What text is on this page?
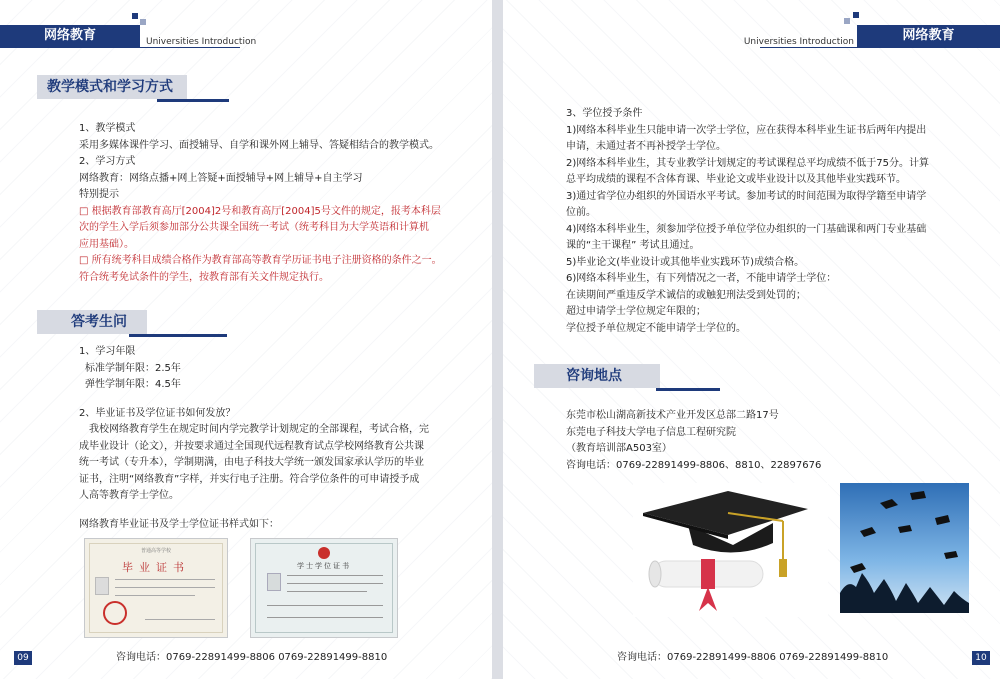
网络教育	Universities Introduction
教学模式和学习方式
1、教学模式
采用多媒体课件学习、面授辅导、自学和课外网上辅导、答疑相结合的教学模式。
2、学习方式
网络教育：网络点播+网上答疑+面授辅导+网上辅导+自主学习
特别提示
□ 根据教育部教育高厅[2004]2号和教育高厅[2004]5号文件的规定，报考本科层
次的学生入学后须参加部分公共课全国统一考试（统考科目为大学英语和计算机
应用基础）。
□ 所有统考科目成绩合格作为教育部高等教育学历证书电子注册资格的条件之一。
符合统考免试条件的学生，按教育部有关文件规定执行。
答考生问
1、学习年限
标准学制年限：2.5年
弹性学制年限：4.5年
2、毕业证书及学位证书如何发放？
我校网络教育学生在规定时间内学完教学计划规定的全部课程，考试合格，完
成毕业设计（论文），并按要求通过全国现代远程教育试点学校网络教育公共课
统一考试（专升本），学制期满，由电子科技大学统一颁发国家承认学历的毕业
证书，注明“网络教育”字样，并实行电子注册。符合学位条件的可申请授予成
人高等教育学士学位。
网络教育毕业证书及学士学位证书样式如下：
普通高等学校
毕业证书	学士学位证书
09	咨询电话：0769-22891499-8806 0769-22891499-8810
网络教育
Universities Introduction
3、学位授予条件
1)网络本科毕业生只能申请一次学士学位，应在获得本科毕业生证书后两年内提出
申请，未通过者不再补授学士学位。
2)网络本科毕业生，其专业教学计划规定的考试课程总平均成绩不低于75分。计算
总平均成绩的课程不含体育课、毕业论文或毕业设计以及其他毕业实践环节。
3)通过省学位办组织的外国语水平考试。参加考试的时间范围为取得学籍至申请学
位前。
4)网络本科毕业生，须参加学位授予单位学位办组织的一门基础课和两门专业基础
课的“主干课程” 考试且通过。
5)毕业论文(毕业设计或其他毕业实践环节)成绩合格。
6)网络本科毕业生，有下列情况之一者，不能申请学士学位：
在读期间严重违反学术诚信的或触犯刑法受到处罚的；
超过申请学士学位规定年限的；
学位授予单位规定不能申请学士学位的。
咨询地点
东莞市松山湖高新技术产业开发区总部二路17号
东莞电子科技大学电子信息工程研究院
（教育培训部A503室）
咨询电话：0769-22891499-8806、8810、22897676
10
咨询电话：0769-22891499-8806 0769-22891499-8810
